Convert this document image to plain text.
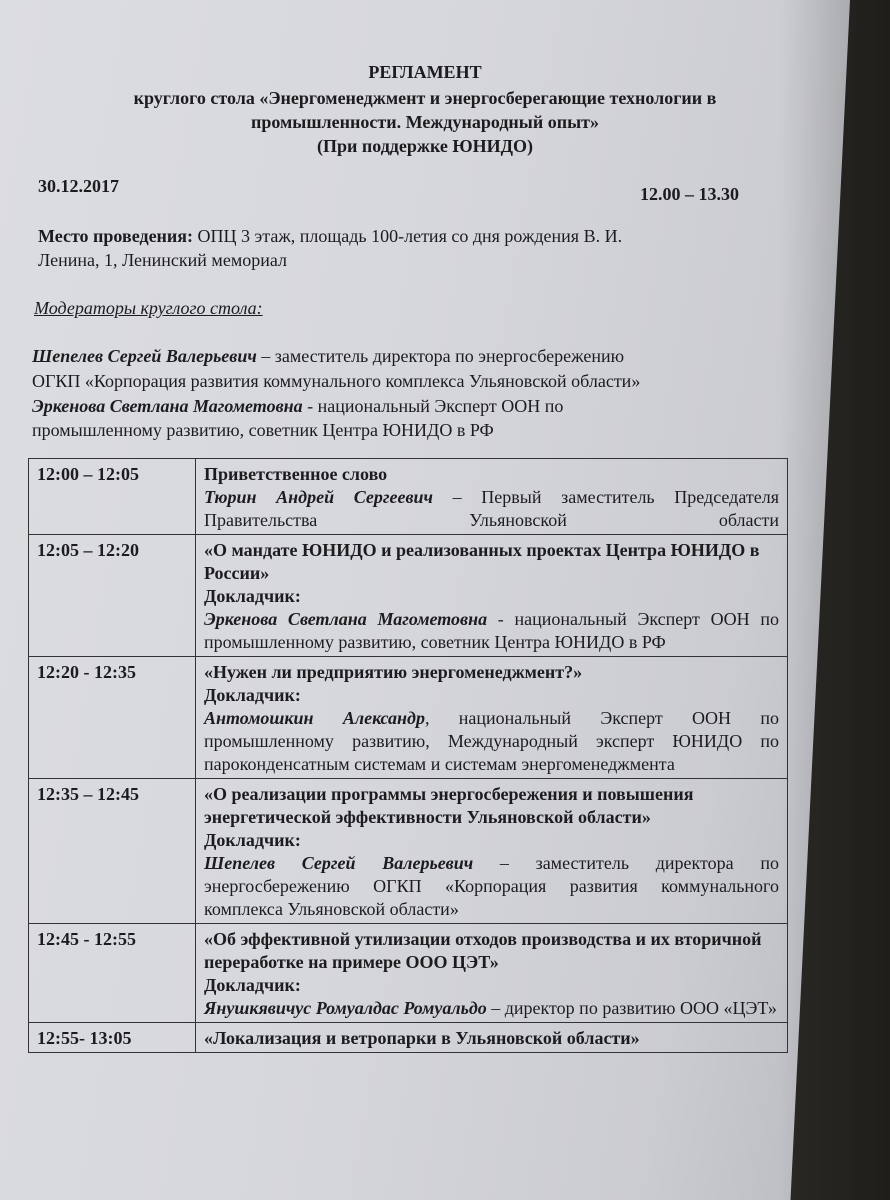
РЕГЛАМЕНТ
круглого стола «Энергоменеджмент и энергосберегающие технологии в
промышленности. Международный опыт»
(При поддержке ЮНИДО)
30.12.2017	12.00 – 13.30
Место проведения: ОПЦ 3 этаж, площадь 100-летия со дня рождения В. И.
Ленина, 1, Ленинский мемориал
Модераторы круглого стола:
Шепелев Сергей Валерьевич – заместитель директора по энергосбережению
ОГКП «Корпорация развития коммунального комплекса Ульяновской области»
Эркенова Светлана Магометовна - национальный Эксперт ООН по
промышленному развитию, советник Центра ЮНИДО в РФ
12:00 – 12:05	Приветственное слово
Тюрин Андрей Сергеевич – Первый заместитель Председателя Правительства Ульяновской области

12:05 – 12:20	«О мандате ЮНИДО и реализованных проектах Центра ЮНИДО в России»
Докладчик:
Эркенова Светлана Магометовна - национальный Эксперт ООН по промышленному развитию, советник Центра ЮНИДО в РФ

12:20 - 12:35	«Нужен ли предприятию энергоменеджмент?»
Докладчик:
Антомошкин Александр, национальный Эксперт ООН по промышленному развитию, Международный эксперт ЮНИДО по пароконденсатным системам и системам энергоменеджмента

12:35 – 12:45	«О реализации программы энергосбережения и повышения энергетической эффективности Ульяновской области»
Докладчик:
Шепелев Сергей Валерьевич – заместитель директора по энергосбережению ОГКП «Корпорация развития коммунального комплекса Ульяновской области»

12:45 - 12:55	«Об эффективной утилизации отходов производства и их вторичной переработке на примере ООО ЦЭТ»
Докладчик:
Янушкявичус Ромуалдас Ромуальдо – директор по развитию ООО «ЦЭТ»

12:55- 13:05	«Локализация и ветропарки в Ульяновской области»
